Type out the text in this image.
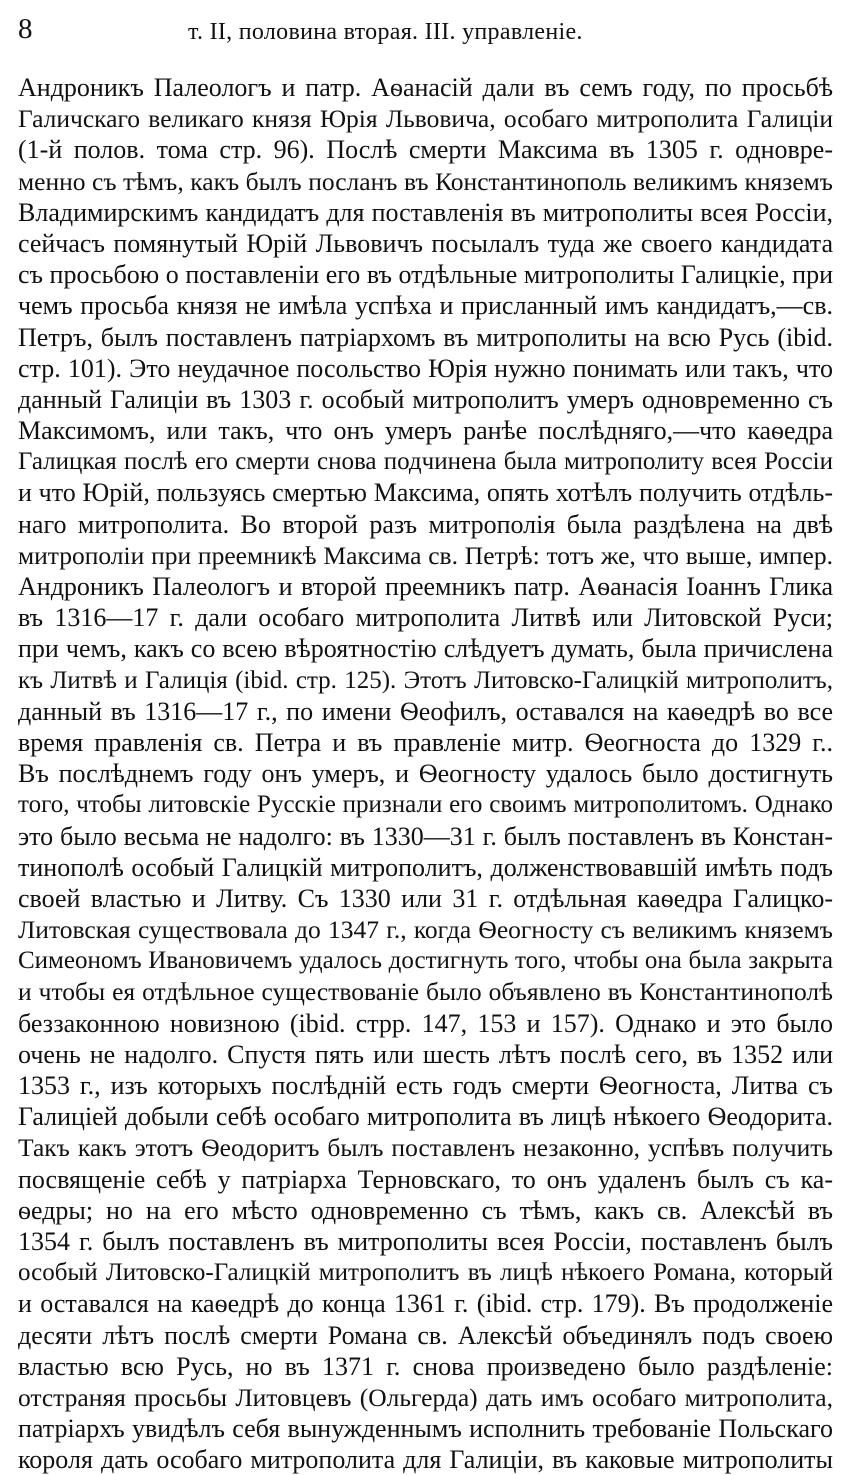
8	т. II, половина вторая. III. управленіе.
Андроникъ Палеологъ и патр. Аѳанасій дали въ семъ году, по просьбѣ
Галичскаго великаго князя Юрія Львовича, особаго митрополита Галиціи
(1-й полов. тома стр. 96). Послѣ смерти Максима въ 1305 г. одновре-
менно съ тѣмъ, какъ былъ посланъ въ Константинополь великимъ княземъ
Владимирскимъ кандидатъ для поставленія въ митрополиты всея Россіи,
сейчасъ помянутый Юрій Львовичъ посылалъ туда же своего кандидата
съ просьбою о поставленіи его въ отдѣльные митрополиты Галицкіе, при
чемъ просьба князя не имѣла успѣха и присланный имъ кандидатъ,—св.
Петръ, былъ поставленъ патріархомъ въ митрополиты на всю Русь (ibid.
стр. 101). Это неудачное посольство Юрія нужно понимать или такъ, что
данный Галиціи въ 1303 г. особый митрополитъ умеръ одновременно съ
Максимомъ, или такъ, что онъ умеръ ранѣе послѣдняго,—что каѳедра
Галицкая послѣ его смерти снова подчинена была митрополиту всея Россіи
и что Юрій, пользуясь смертью Максима, опять хотѣлъ получить отдѣль-
наго митрополита. Во второй разъ митрополія была раздѣлена на двѣ
митрополіи при преемникѣ Максима св. Петрѣ: тотъ же, что выше, импер.
Андроникъ Палеологъ и второй преемникъ патр. Аѳанасія Іоаннъ Глика
въ 1316—17 г. дали особаго митрополита Литвѣ или Литовской Руси;
при чемъ, какъ со всею вѣроятностію слѣдуетъ думать, была причислена
къ Литвѣ и Галиція (ibid. стр. 125). Этотъ Литовско-Галицкій митрополитъ,
данный въ 1316—17 г., по имени Ѳеофилъ, оставался на каѳедрѣ во все
время правленія св. Петра и въ правленіе митр. Ѳеогноста до 1329 г..
Въ послѣднемъ году онъ умеръ, и Ѳеогносту удалось было достигнуть
того, чтобы литовскіе Русскіе признали его своимъ митрополитомъ. Однако
это было весьма не надолго: въ 1330—31 г. былъ поставленъ въ Констан-
тинополѣ особый Галицкій митрополитъ, долженствовавшій имѣть подъ
своей властью и Литву. Съ 1330 или 31 г. отдѣльная каѳедра Галицко-
Литовская существовала до 1347 г., когда Ѳеогносту съ великимъ княземъ
Симеономъ Ивановичемъ удалось достигнуть того, чтобы она была закрыта
и чтобы ея отдѣльное существованіе было объявлено въ Константинополѣ
беззаконною новизною (ibid. стрр. 147, 153 и 157). Однако и это было
очень не надолго. Спустя пять или шесть лѣтъ послѣ сего, въ 1352 или
1353 г., изъ которыхъ послѣдній есть годъ смерти Ѳеогноста, Литва съ
Галиціей добыли себѣ особаго митрополита въ лицѣ нѣкоего Ѳеодорита.
Такъ какъ этотъ Ѳеодоритъ былъ поставленъ незаконно, успѣвъ получить
посвященіе себѣ у патріарха Терновскаго, то онъ удаленъ былъ съ ка-
ѳедры; но на его мѣсто одновременно съ тѣмъ, какъ св. Алексѣй въ
1354 г. былъ поставленъ въ митрополиты всея Россіи, поставленъ былъ
особый Литовско-Галицкій митрополитъ въ лицѣ нѣкоего Романа, который
и оставался на каѳедрѣ до конца 1361 г. (ibid. стр. 179). Въ продолженіе
десяти лѣтъ послѣ смерти Романа св. Алексѣй объединялъ подъ своею
властью всю Русь, но въ 1371 г. снова произведено было раздѣленіе:
отстраняя просьбы Литовцевъ (Ольгерда) дать имъ особаго митрополита,
патріархъ увидѣлъ себя вынужденнымъ исполнить требованіе Польскаго
короля дать особаго митрополита для Галиціи, въ каковые митрополиты
